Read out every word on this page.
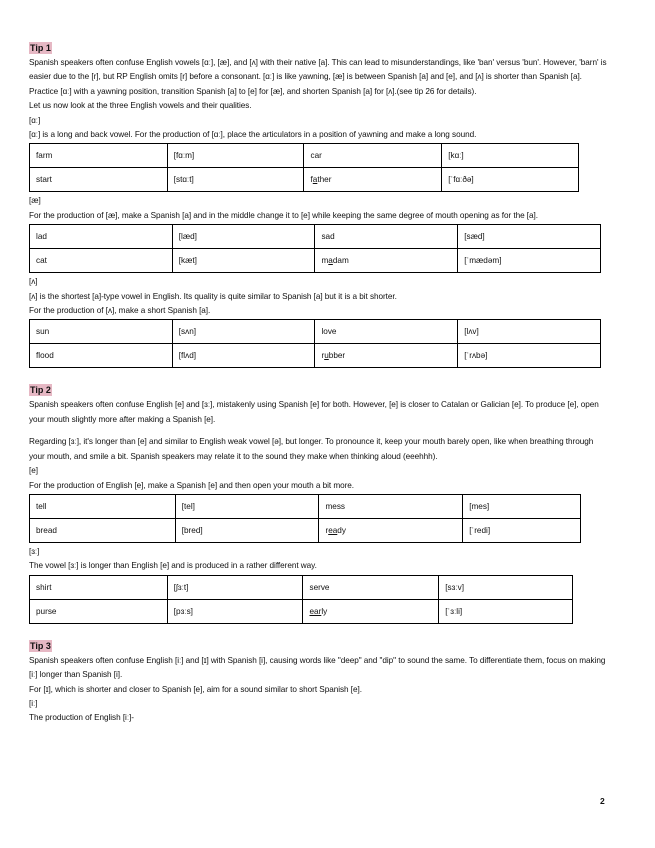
Tip 1

Spanish speakers often confuse English vowels [ɑː], [æ], and [ʌ] with their native [a]. This can lead to misunderstandings, like 'ban' versus 'bun'. However, 'barn' is easier due to the [r], but RP English omits [r] before a consonant. [ɑː] is like yawning, [æ] is between Spanish [a] and [e], and [ʌ] is shorter than Spanish [a]. Practice [ɑː] with a yawning position, transition Spanish [a] to [e] for [æ], and shorten Spanish [a] for [ʌ].(see tip 26 for details).

Let us now look at the three English vowels and their qualities.

[ɑː]

[ɑː] is a long and back vowel. For the production of [ɑː], place the articulators in a position of yawning and make a long sound.

farm	[fɑːm]	car	[kɑː]
start	[stɑːt]	father	[ˈfɑːðə]

[æ]

For the production of [æ], make a Spanish [a] and in the middle change it to [e] while keeping the same degree of mouth opening as for the [a].

lad	[læd]	sad	[sæd]
cat	[kæt]	madam	[ˈmædəm]

[ʌ]

[ʌ] is the shortest [a]-type vowel in English. Its quality is quite similar to Spanish [a] but it is a bit shorter.

For the production of [ʌ], make a short Spanish [a].

sun	[sʌn]	love	[lʌv]
flood	[flʌd]	rubber	[ˈrʌbə]
Tip 2

Spanish speakers often confuse English [e] and [ɜː], mistakenly using Spanish [e] for both. However, [e] is closer to Catalan or Galician [e]. To produce [e], open your mouth slightly more after making a Spanish [e].

Regarding [ɜː], it's longer than [e] and similar to English weak vowel [ə], but longer. To pronounce it, keep your mouth barely open, like when breathing through your mouth, and smile a bit. Spanish speakers may relate it to the sound they make when thinking aloud (eeehhh).

[e]

For the production of English [e], make a Spanish [e] and then open your mouth a bit more.

tell	[tel]	mess	[mes]
bread	[bred]	ready	[ˈredi]

[ɜː]

The vowel [ɜː] is longer than English [e] and is produced in a rather different way.

shirt	[ʃɜːt]	serve	[sɜːv]
purse	[pɜːs]	early	[ˈɜːli]
Tip 3

Spanish speakers often confuse English [iː] and [ɪ] with Spanish [i], causing words like "deep" and "dip" to sound the same. To differentiate them, focus on making [iː] longer than Spanish [i].

For [ɪ], which is shorter and closer to Spanish [e], aim for a sound similar to short Spanish [e].

[iː]

The production of English [iː]-

2
